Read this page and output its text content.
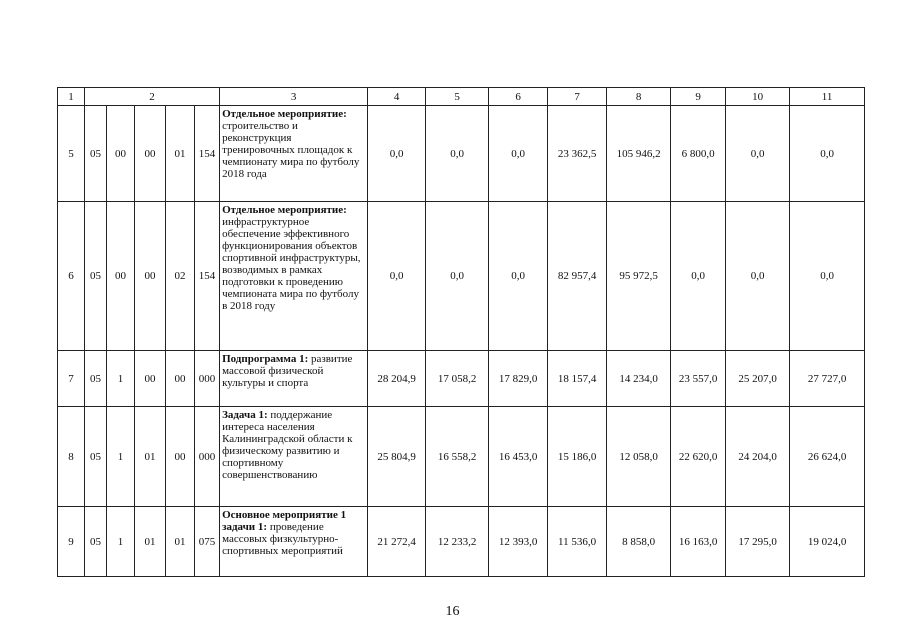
1	2					3	4	5	6	7	8	9	10	11
5	05	00	00	01	154	Отдельное мероприятие: строительство и реконструкция тренировочных площадок к чемпионату мира по футболу 2018 года	0,0	0,0	0,0	23 362,5	105 946,2	6 800,0	0,0	0,0
6	05	00	00	02	154	Отдельное мероприятие: инфраструктурное обеспечение эффективного функционирования объектов спортивной инфраструктуры, возводимых в рамках подготовки к проведению чемпионата мира по футболу в 2018 году	0,0	0,0	0,0	82 957,4	95 972,5	0,0	0,0	0,0
7	05	1	00	00	000	Подпрограмма 1: развитие массовой физической культуры и спорта	28 204,9	17 058,2	17 829,0	18 157,4	14 234,0	23 557,0	25 207,0	27 727,0
8	05	1	01	00	000	Задача 1: поддержание интереса населения Калининградской области к физическому развитию и спортивному совершенствованию	25 804,9	16 558,2	16 453,0	15 186,0	12 058,0	22 620,0	24 204,0	26 624,0
9	05	1	01	01	075	Основное мероприятие 1 задачи 1: проведение массовых физкультурно-спортивных мероприятий	21 272,4	12 233,2	12 393,0	11 536,0	8 858,0	16 163,0	17 295,0	19 024,0
16
